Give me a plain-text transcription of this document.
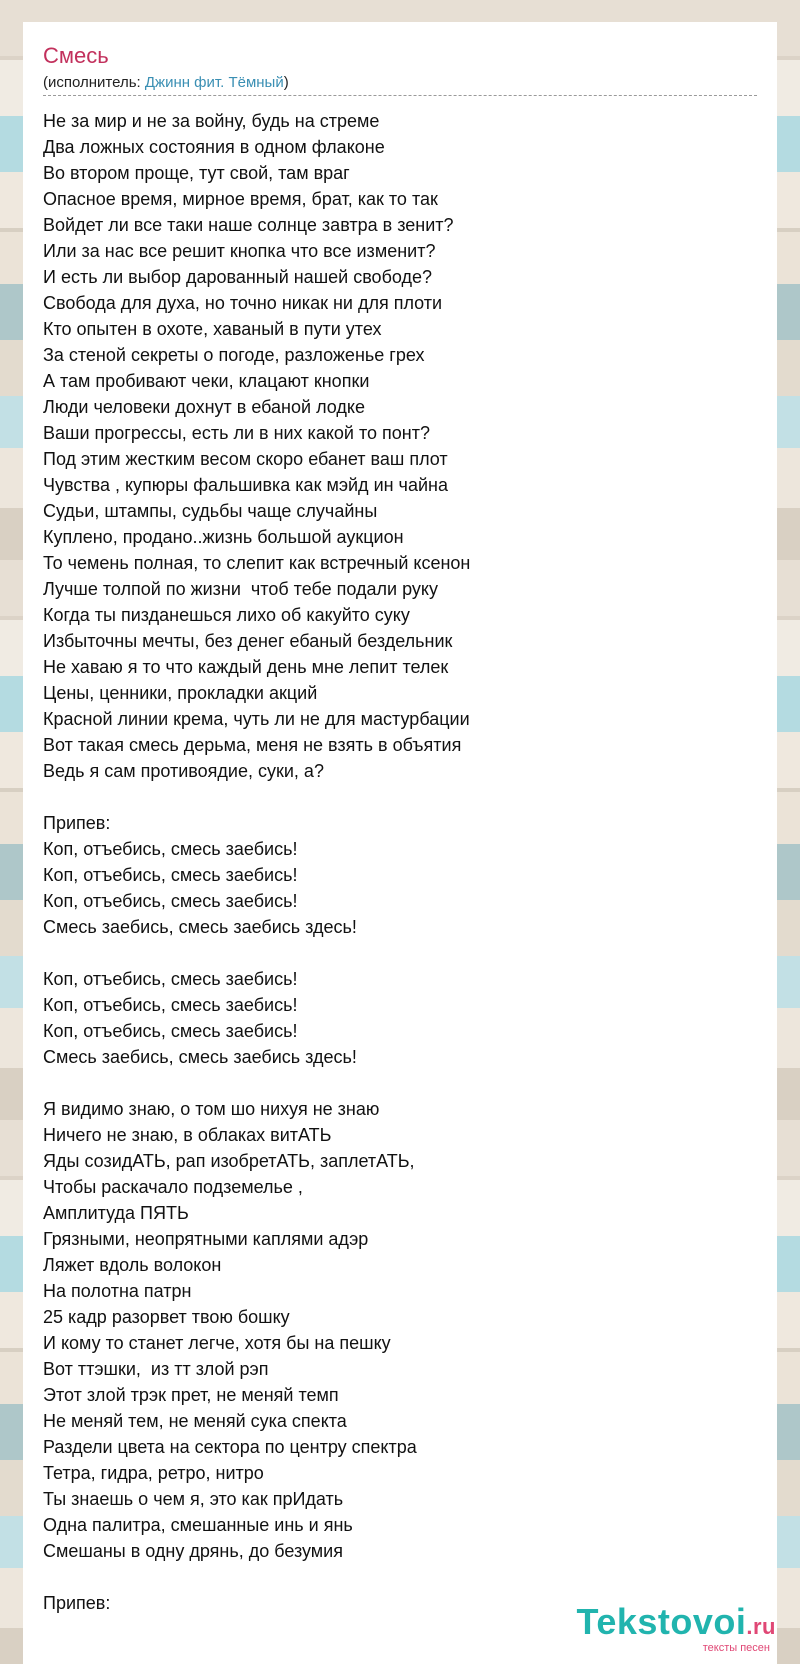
Смесь
(исполнитель: Джинн фит. Тёмный)
Не за мир и не за войну, будь на стреме
Два ложных состояния в одном флаконе
Во втором проще, тут свой, там враг
Опасное время, мирное время, брат, как то так
Войдет ли все таки наше солнце завтра в зенит?
Или за нас все решит кнопка что все изменит?
И есть ли выбор дарованный нашей свободе?
Свобода для духа, но точно никак ни для плоти
Кто опытен в охоте, хаваный в пути утех
За стеной секреты о погоде, разложенье грех
А там пробивают чеки, клацают кнопки
Люди человеки дохнут в ебаной лодке
Ваши прогрессы, есть ли в них какой то понт?
Под этим жестким весом скоро ебанет ваш плот
Чувства , купюры фальшивка как мэйд ин чайна
Судьи, штампы, судьбы чаще случайны
Куплено, продано..жизнь большой аукцион
То чемень полная, то слепит как встречный ксенон
Лучше толпой по жизни  чтоб тебе подали руку
Когда ты пизданешься лихо об какуйто суку
Избыточны мечты, без денег ебаный бездельник
Не хаваю я то что каждый день мне лепит телек
Цены, ценники, прокладки акций
Красной линии крема, чуть ли не для мастурбации
Вот такая смесь дерьма, меня не взять в объятия
Ведь я сам противоядие, суки, а?
Припев:
Коп, отъебись, смесь заебись!
Коп, отъебись, смесь заебись!
Коп, отъебись, смесь заебись!
Смесь заебись, смесь заебись здесь!
Коп, отъебись, смесь заебись!
Коп, отъебись, смесь заебись!
Коп, отъебись, смесь заебись!
Смесь заебись, смесь заебись здесь!
Я видимо знаю, о том шо нихуя не знаю
Ничего не знаю, в облаках витАТЬ
Яды созидАТЬ, рап изобретАТЬ, заплетАТЬ,
Чтобы раскачало подземелье ,
Амплитуда ПЯТЬ
Грязными, неопрятными каплями адэр
Ляжет вдоль волокон
На полотна патрн
25 кадр разорвет твою бошку
И кому то станет легче, хотя бы на пешку
Вот ттэшки,  из тт злой рэп
Этот злой трэк прет, не меняй темп
Не меняй тем, не меняй сука спекта
Раздели цвета на сектора по центру спектра
Тетра, гидра, ретро, нитро
Ты знаешь о чем я, это как прИдать
Одна палитра, смешанные инь и янь
Смешаны в одну дрянь, до безумия
Припев:	Tekstovoi.ru
тексты песен
